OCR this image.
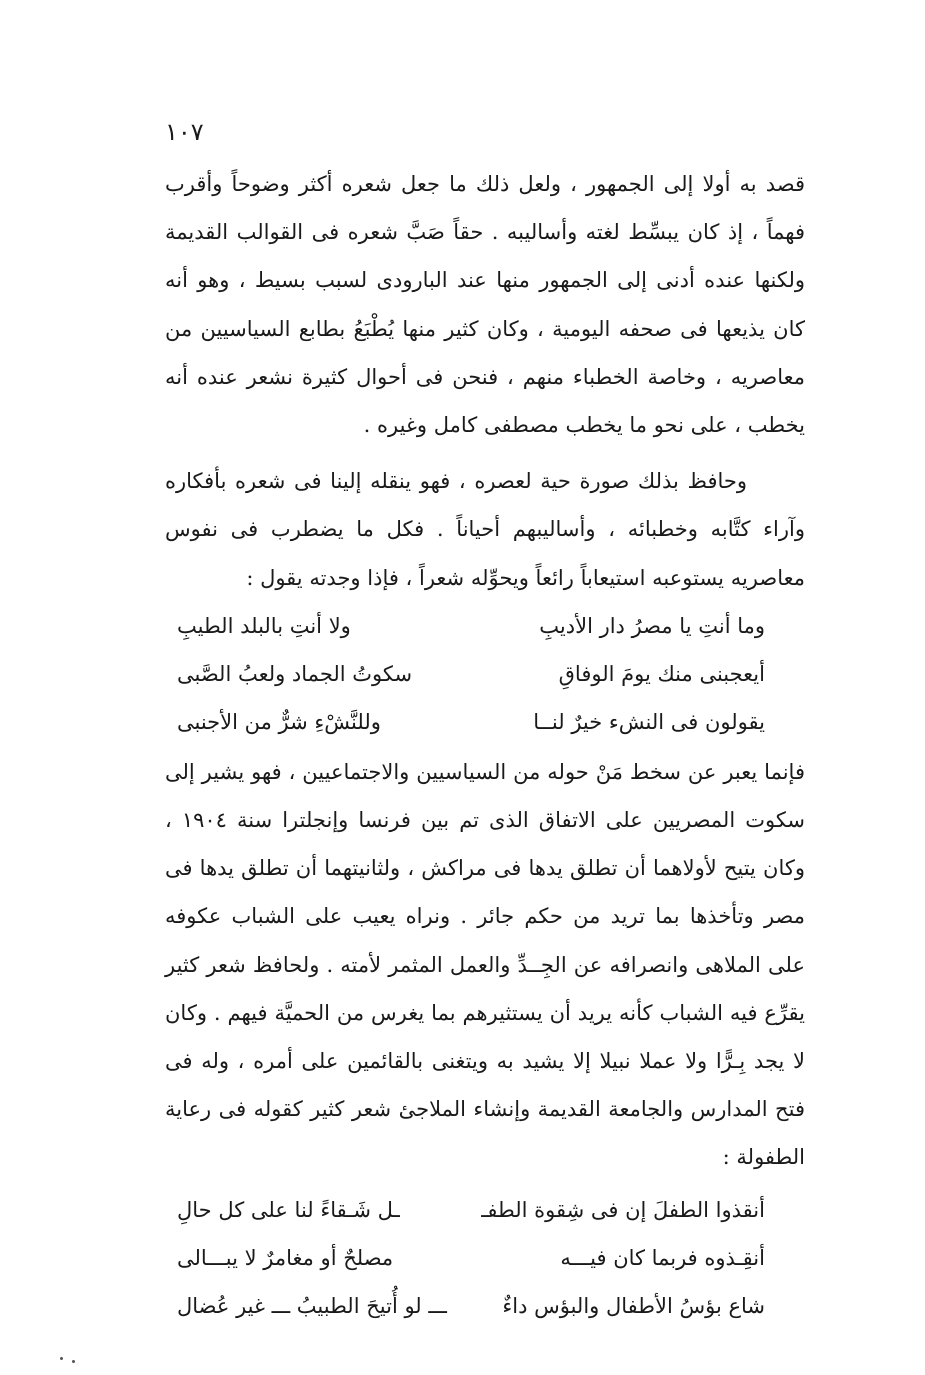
١٠٧

قصد به أولا إلى الجمهور ، ولعل ذلك ما جعل شعره أكثر وضوحاً وأقرب فهماً ، إذ كان يبسِّط لغته وأساليبه . حقاً صَبَّ شعره فى القوالب القديمة ولكنها عنده أدنى إلى الجمهور منها عند البارودى لسبب بسيط ، وهو أنه كان يذيعها فى صحفه اليومية ، وكان كثير منها يُطْبَعُ بطابع السياسيين من معاصريه ، وخاصة الخطباء منهم ، فنحن فى أحوال كثيرة نشعر عنده أنه يخطب ، على نحو ما يخطب مصطفى كامل وغيره .

وحافظ بذلك صورة حية لعصره ، فهو ينقله إلينا فى شعره بأفكاره وآراء كتَّابه وخطبائه ، وأساليبهم أحياناً . فكل ما يضطرب فى نفوس معاصريه يستوعبه استيعاباً رائعاً ويحوِّله شعراً ، فإذا وجدته يقول :

وما أنتِ يا مصرُ دار الأديبِ
ولا أنتِ بالبلد الطيبِ
أيعجبنى منك يومَ الوفاقِ
سكوتُ الجماد ولعبُ الصَّبى
يقولون فى النشء خيرٌ لنــا
وللنَّشْءِ شرٌّ من الأجنبى

فإنما يعبر عن سخط مَنْ حوله من السياسيين والاجتماعيين ، فهو يشير إلى سكوت المصريين على الاتفاق الذى تم بين فرنسا وإنجلترا سنة ١٩٠٤ ، وكان يتيح لأولاهما أن تطلق يدها فى مراكش ، ولثانيتهما أن تطلق يدها فى مصر وتأخذها بما تريد من حكم جائر . ونراه يعيب على الشباب عكوفه على الملاهى وانصرافه عن الجِــدِّ والعمل المثمر لأمته . ولحافظ شعر كثير يقرِّع فيه الشباب كأنه يريد أن يستثيرهم بما يغرس من الحميَّة فيهم . وكان لا يجد بِـرًّا ولا عملا نبيلا إلا يشيد به ويتغنى بالقائمين على أمره ، وله فى فتح المدارس والجامعة القديمة وإنشاء الملاجئ شعر كثير كقوله فى رعاية الطفولة :

أنقذوا الطفلَ إن فى شِقوة الطفـ
ـل شَـقاءً لنا على كل حالِ
أنقِـذوه فربما كان فيـــه
مصلحٌ أو مغامرٌ لا يبـــالى
شاع بؤسُ الأطفال والبؤس داءٌ
ـــ لو أُتيحَ الطبيبُ ـــ غير عُضال
